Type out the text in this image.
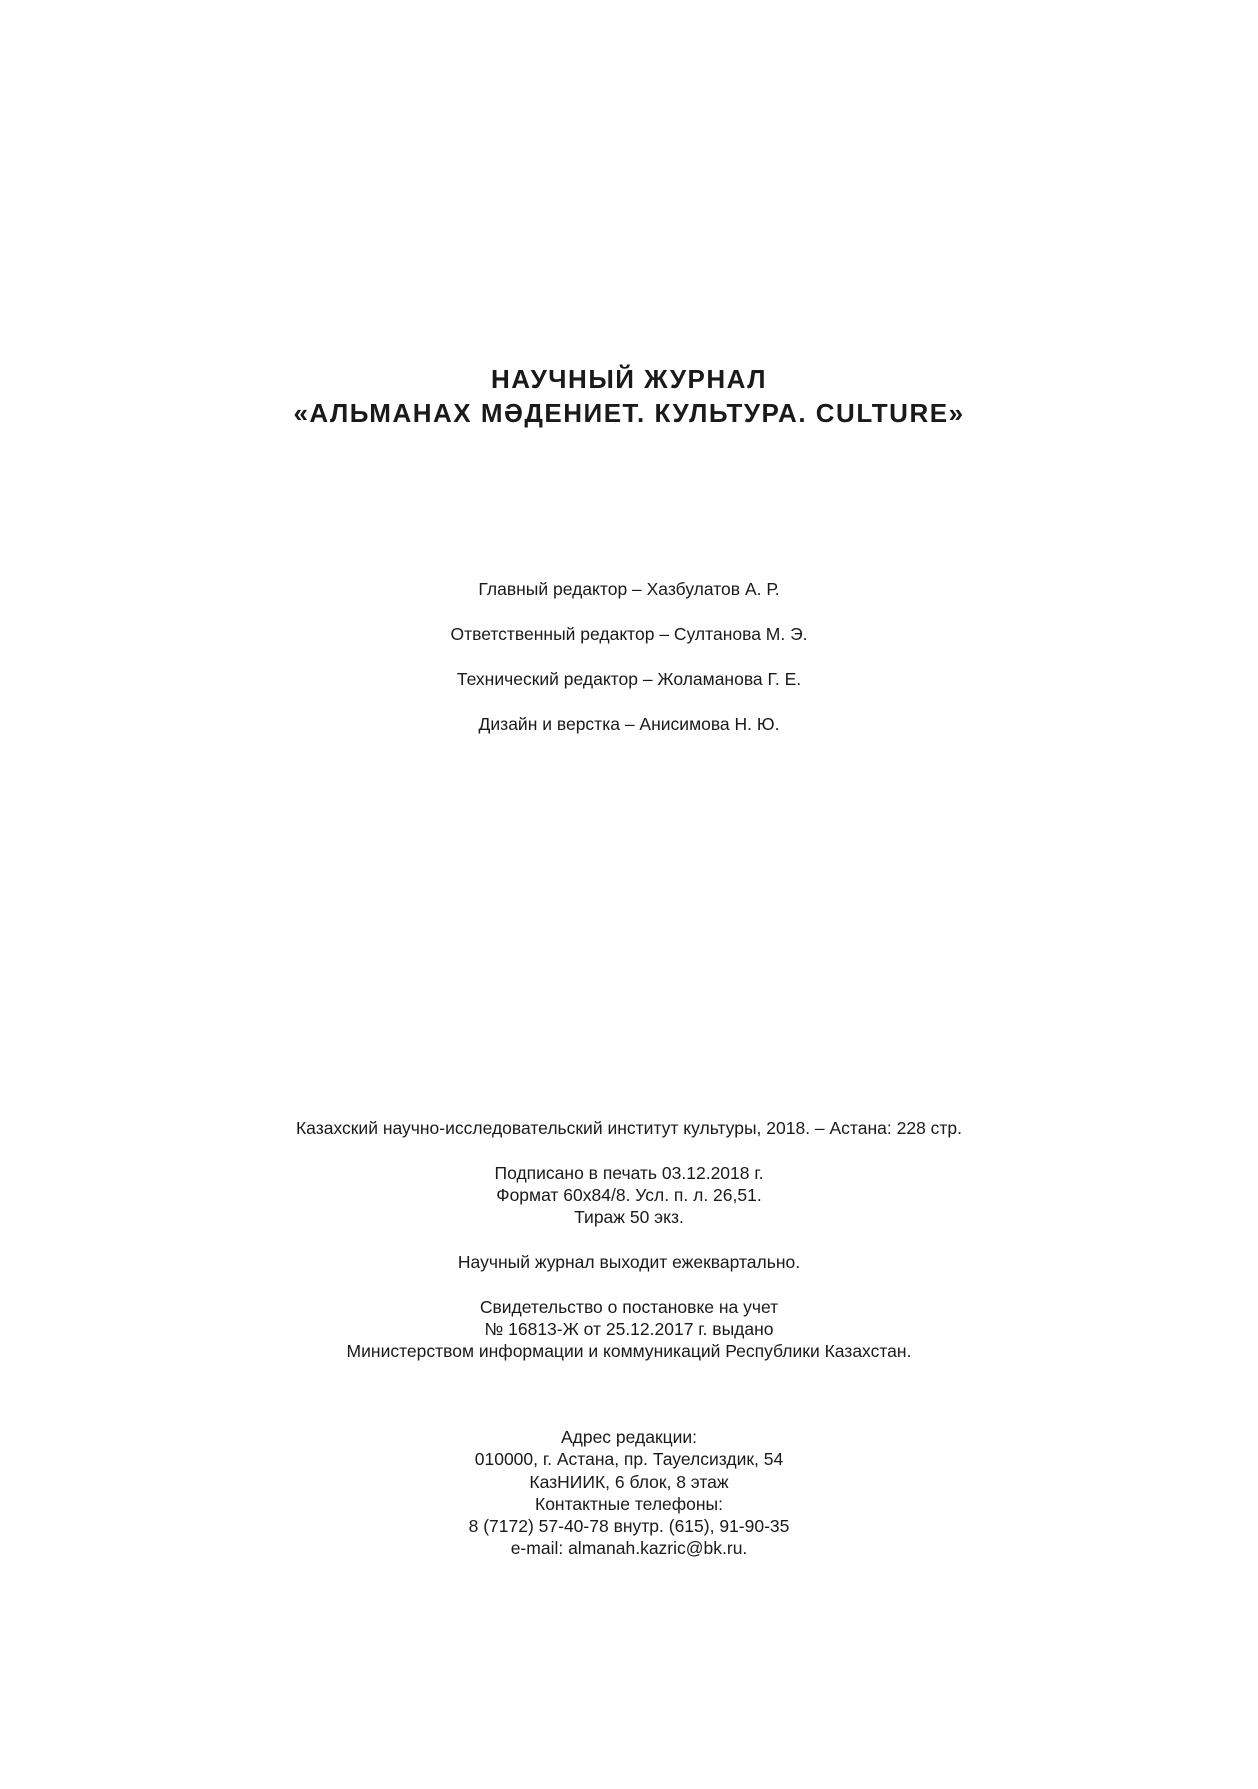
НАУЧНЫЙ ЖУРНАЛ
«АЛЬМАНАХ МӘДЕНИЕТ. КУЛЬТУРА. CULTURE»
Главный редактор – Хазбулатов А. Р.
Ответственный редактор – Султанова М. Э.
Технический редактор – Жоламанова Г. Е.
Дизайн и верстка – Анисимова Н. Ю.
Казахский научно-исследовательский институт культуры, 2018. – Астана: 228 стр.
Подписано в печать 03.12.2018 г.
Формат 60х84/8. Усл. п. л. 26,51.
Тираж 50 экз.
Научный журнал выходит ежеквартально.
Свидетельство о постановке на учет
№ 16813-Ж от 25.12.2017 г. выдано
Министерством информации и коммуникаций Республики Казахстан.
Адрес редакции:
010000, г. Астана, пр. Тауелсиздик, 54
КазНИИК, 6 блок, 8 этаж
Контактные телефоны:
8 (7172) 57-40-78 внутр. (615), 91-90-35
e-mail: almanah.kazric@bk.ru.
